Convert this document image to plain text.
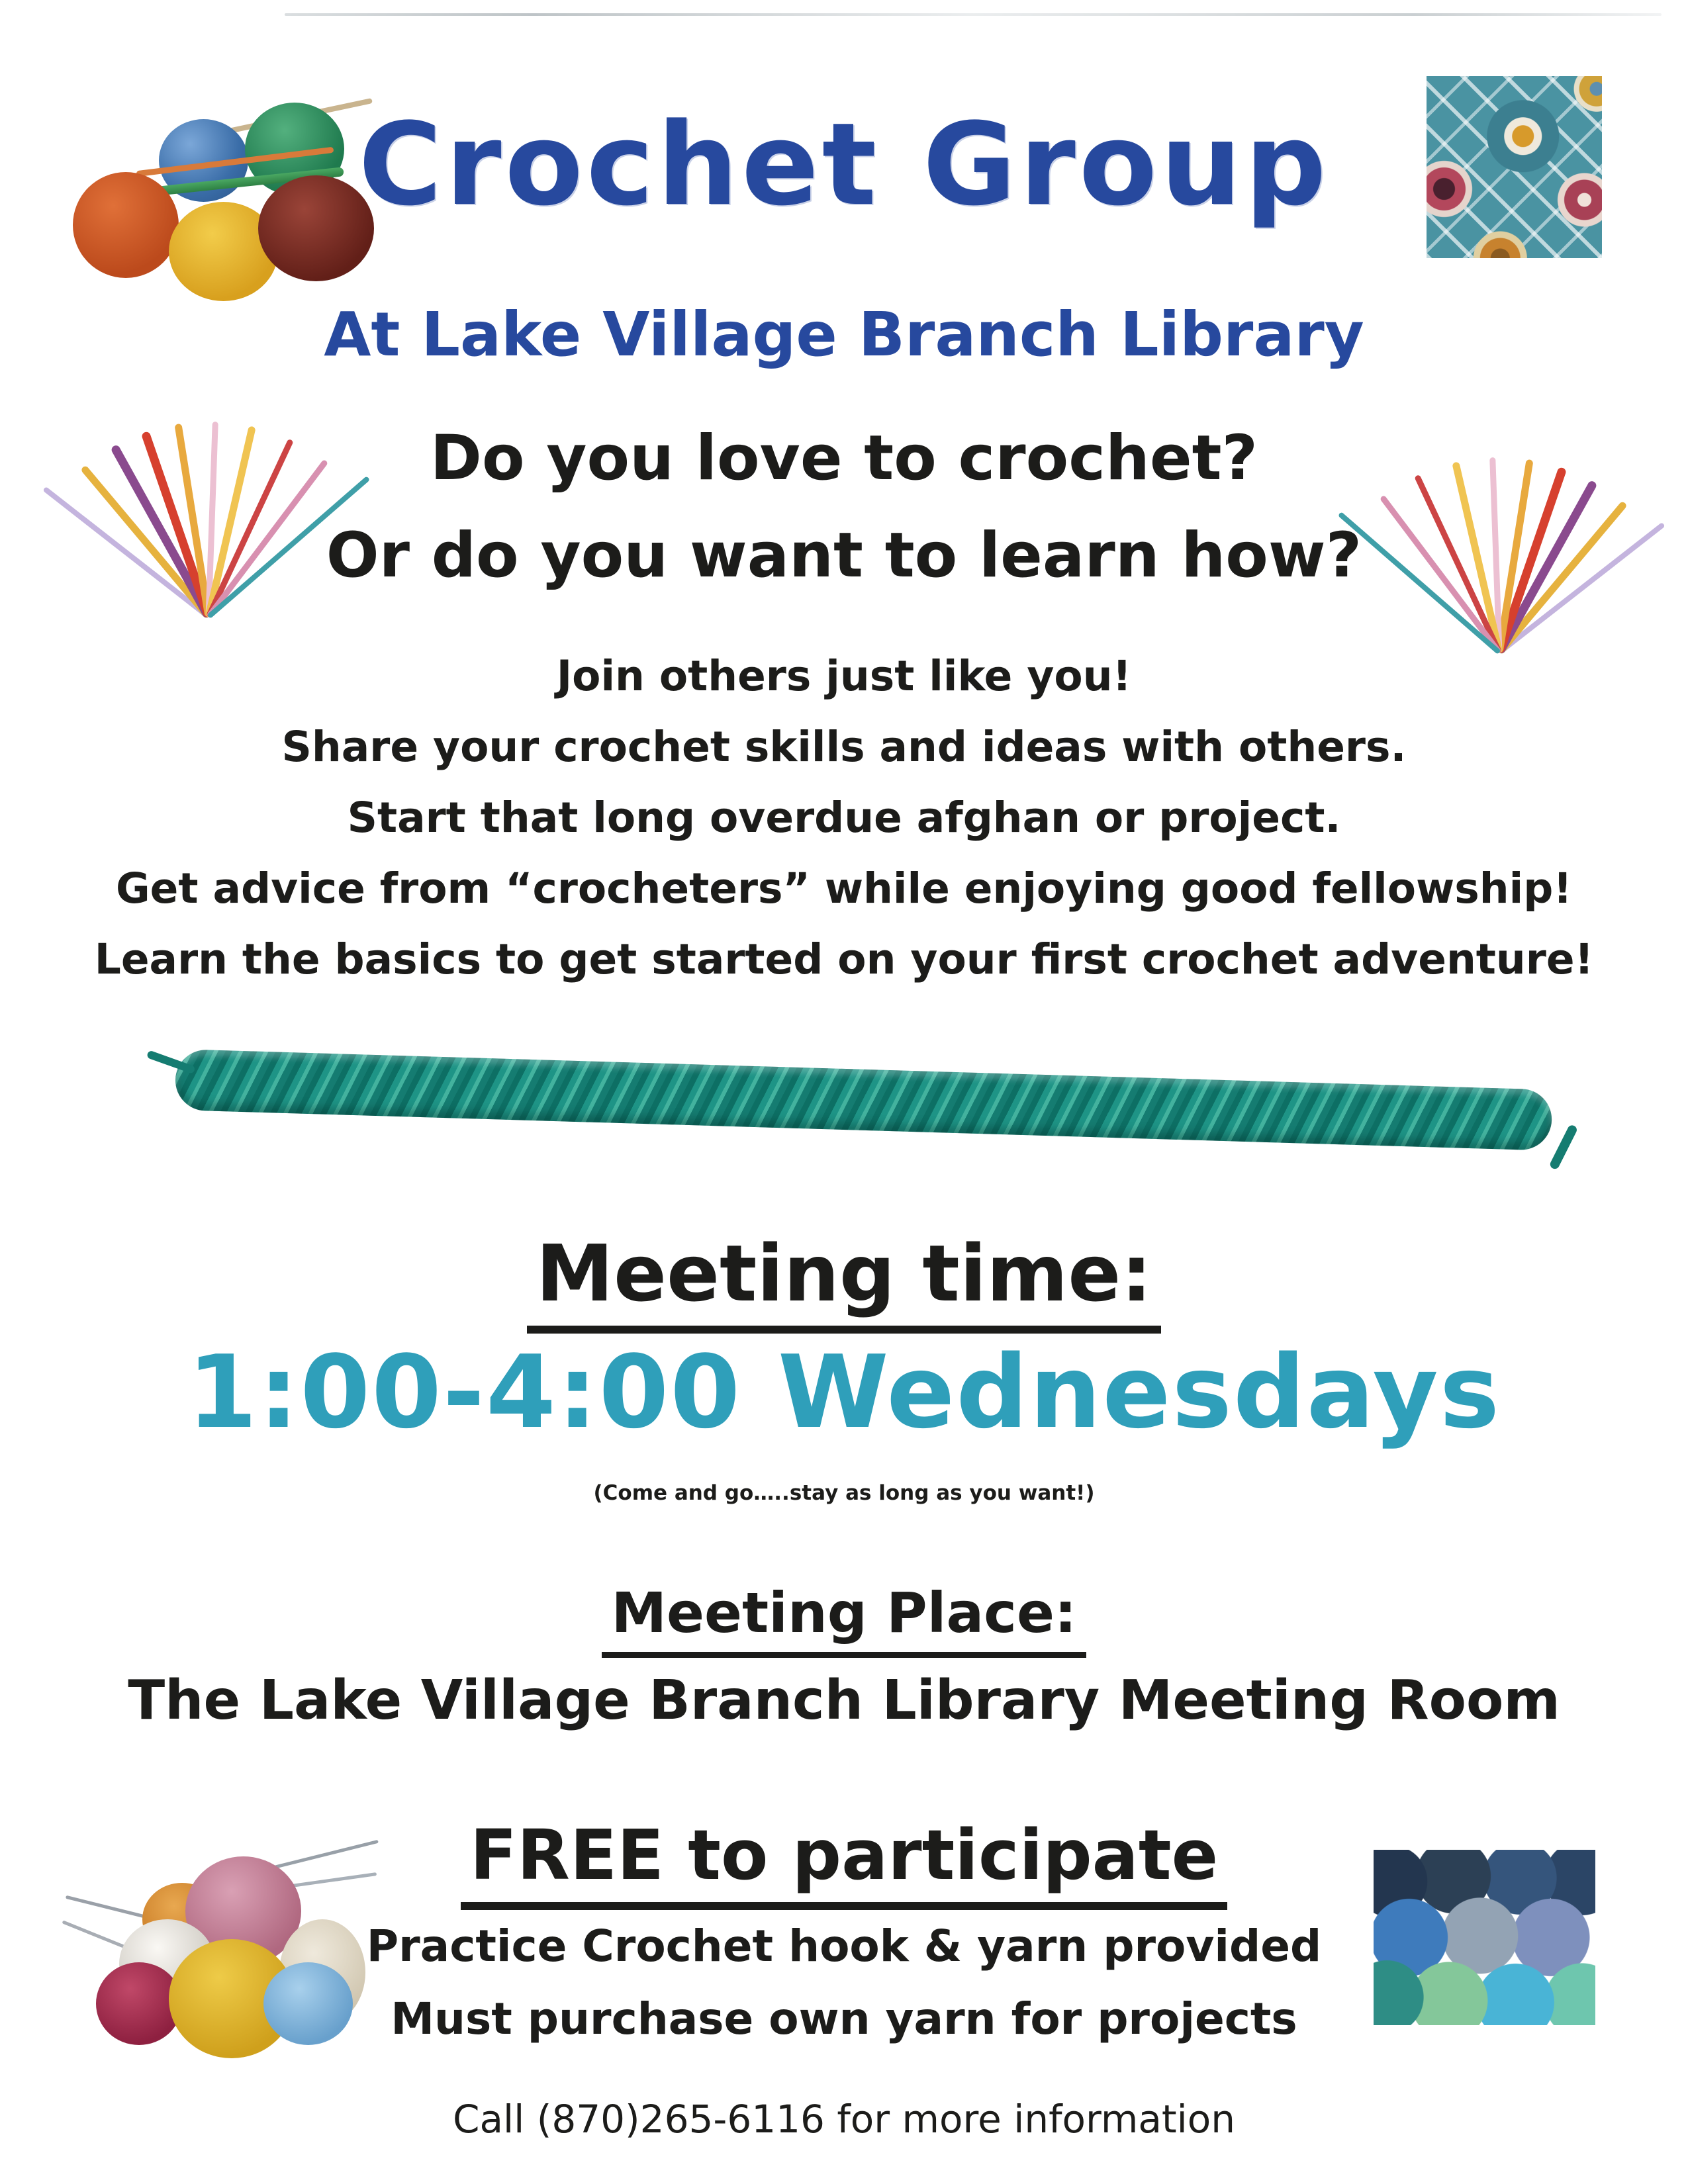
Crochet Group
At Lake Village Branch Library
Do you love to crochet?
Or do you want to learn how?
Join others just like you!
Share your crochet skills and ideas with others.
Start that long overdue afghan or project.
Get advice from “crocheters” while enjoying good fellowship!
Learn the basics to get started on your first crochet adventure!
Meeting time:
1:00-4:00 Wednesdays
(Come and go…..stay as long as you want!)
Meeting Place:
The Lake Village Branch Library Meeting Room
FREE to participate
Practice Crochet hook & yarn provided
Must purchase own yarn for projects
Call (870)265-6116 for more information
